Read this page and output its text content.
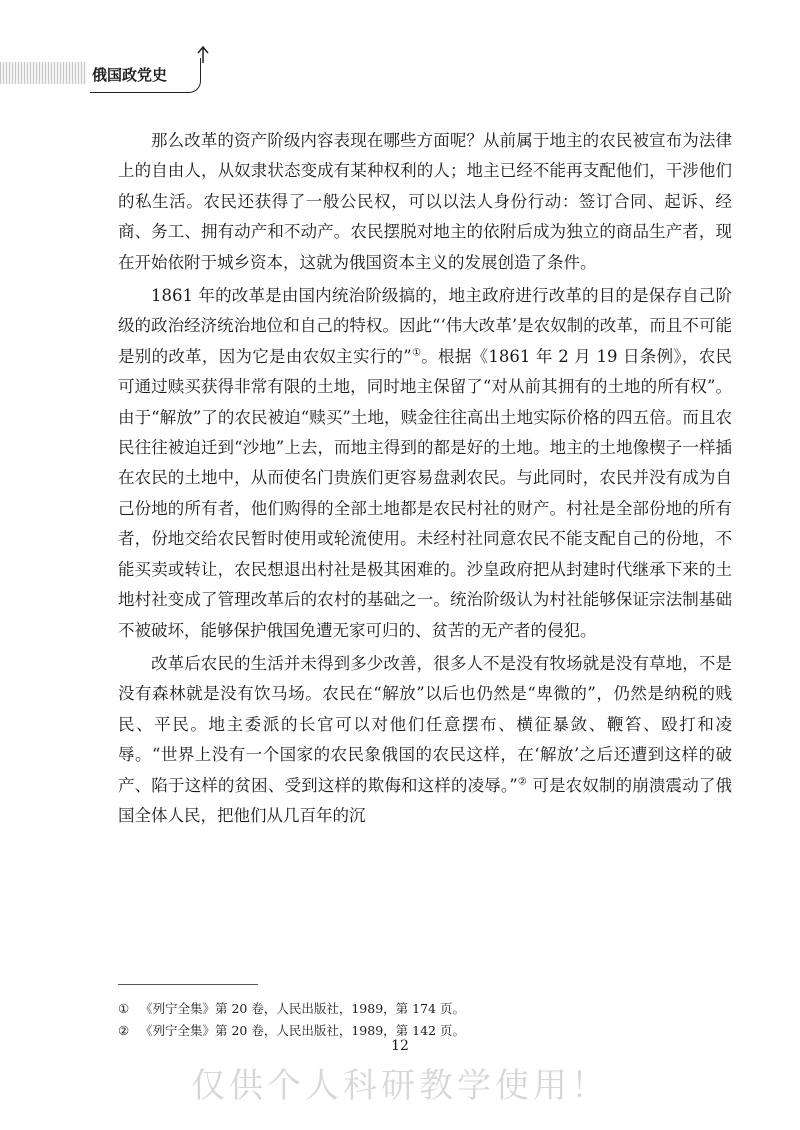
俄国政党史

那么改革的资产阶级内容表现在哪些方面呢？从前属于地主的农民被宣布为法律上的自由人，从奴隶状态变成有某种权利的人；地主已经不能再支配他们，干涉他们的私生活。农民还获得了一般公民权，可以以法人身份行动：签订合同、起诉、经商、务工、拥有动产和不动产。农民摆脱对地主的依附后成为独立的商品生产者，现在开始依附于城乡资本，这就为俄国资本主义的发展创造了条件。

1861 年的改革是由国内统治阶级搞的，地主政府进行改革的目的是保存自己阶级的政治经济统治地位和自己的特权。因此“‘伟大改革’是农奴制的改革，而且不可能是别的改革，因为它是由农奴主实行的”①。根据《1861 年 2 月 19 日条例》，农民可通过赎买获得非常有限的土地，同时地主保留了“对从前其拥有的土地的所有权”。由于“解放”了的农民被迫“赎买”土地，赎金往往高出土地实际价格的四五倍。而且农民往往被迫迁到“沙地”上去，而地主得到的都是好的土地。地主的土地像楔子一样插在农民的土地中，从而使名门贵族们更容易盘剥农民。与此同时，农民并没有成为自己份地的所有者，他们购得的全部土地都是农民村社的财产。村社是全部份地的所有者，份地交给农民暂时使用或轮流使用。未经村社同意农民不能支配自己的份地，不能买卖或转让，农民想退出村社是极其困难的。沙皇政府把从封建时代继承下来的土地村社变成了管理改革后的农村的基础之一。统治阶级认为村社能够保证宗法制基础不被破坏，能够保护俄国免遭无家可归的、贫苦的无产者的侵犯。

改革后农民的生活并未得到多少改善，很多人不是没有牧场就是没有草地，不是没有森林就是没有饮马场。农民在“解放”以后也仍然是“卑微的”，仍然是纳税的贱民、平民。地主委派的长官可以对他们任意摆布、横征暴敛、鞭笞、殴打和凌辱。“世界上没有一个国家的农民象俄国的农民这样，在‘解放’之后还遭到这样的破产、陷于这样的贫困、受到这样的欺侮和这样的凌辱。”② 可是农奴制的崩溃震动了俄国全体人民，把他们从几百年的沉

① 《列宁全集》第 20 卷，人民出版社，1989，第 174 页。
② 《列宁全集》第 20 卷，人民出版社，1989，第 142 页。
12
仅供个人科研教学使用！
